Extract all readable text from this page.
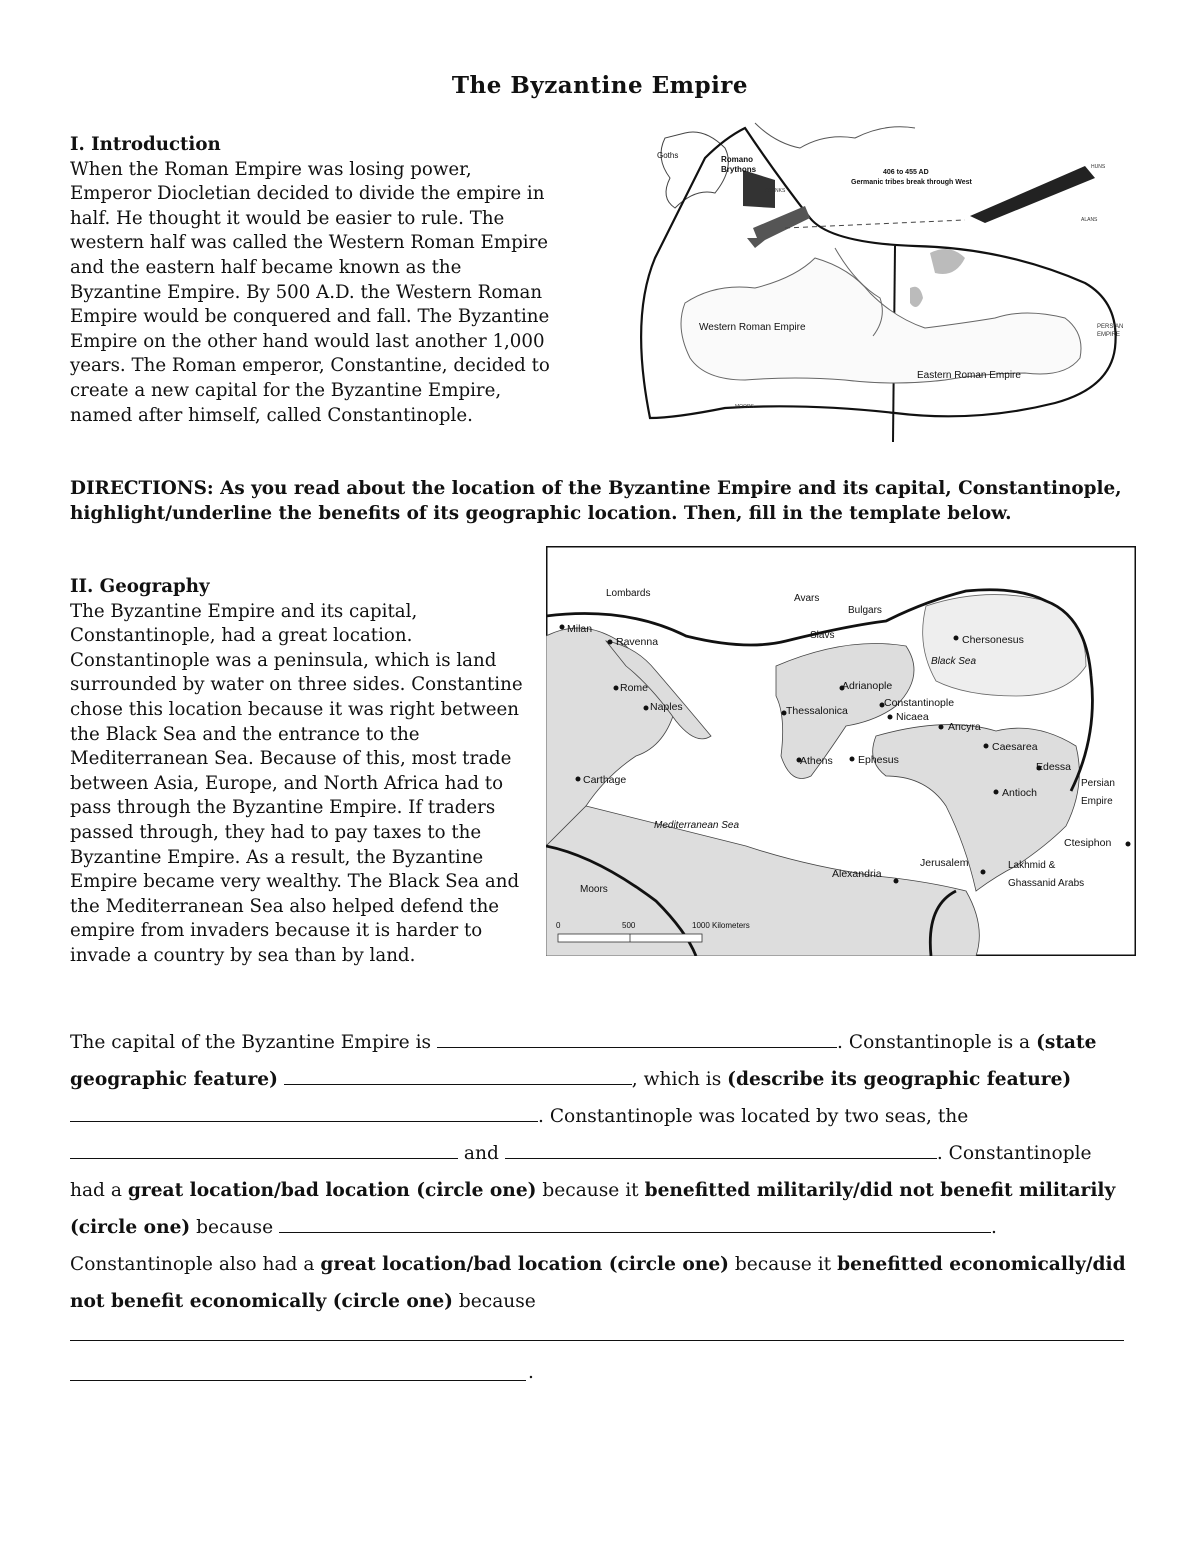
The Byzantine Empire
I. Introduction
When the Roman Empire was losing power, Emperor Diocletian decided to divide the empire in half. He thought it would be easier to rule. The western half was called the Western Roman Empire and the eastern half became known as the Byzantine Empire. By 500 A.D. the Western Roman Empire would be conquered and fall. The Byzantine Empire on the other hand would last another 1,000 years. The Roman emperor, Constantine, decided to create a new capital for the Byzantine Empire, named after himself, called Constantinople.
Goths	Romano
Brythons
FRANKS
406 to 455 AD
Germanic tribes break through West
HUNS
ALANS
Western Roman Empire
Eastern Roman Empire
PERSIAN
EMPIRE
MOORS
DIRECTIONS: As you read about the location of the Byzantine Empire and its capital, Constantinople, highlight/underline the benefits of its geographic location. Then, fill in the template below.
Lombards	Avars
Bulgars
Slavs
Black Sea
Mediterranean Sea
Persian
Empire
Moors
Lakhmid &
Ghassanid Arabs
Milan
Ravenna
Rome
Naples
Carthage
Thessalonica
Adrianople
Constantinople
Nicaea
Ancyra
Caesarea
Edessa
Antioch
Athens Ephesus
Chersonesus
Ctesiphon
Alexandria
Jerusalem
0	500	1000 Kilometers
II. Geography
The Byzantine Empire and its capital, Constantinople, had a great location. Constantinople was a peninsula, which is land surrounded by water on three sides. Constantine chose this location because it was right between the Black Sea and the entrance to the Mediterranean Sea. Because of this, most trade between Asia, Europe, and North Africa had to pass through the Byzantine Empire. If traders passed through, they had to pay taxes to the Byzantine Empire. As a result, the Byzantine Empire became very wealthy. The Black Sea and the Mediterranean Sea also helped defend the empire from invaders because it is harder to invade a country by sea than by land.
The capital of the Byzantine Empire is	. Constantinople is a (state geographic feature)	, which is (describe its geographic feature)
. Constantinople was located by two seas, the
and	. Constantinople had a great location/bad location (circle one) because it benefitted militarily/did not benefit militarily (circle one) because	.
Constantinople also had a great location/bad location (circle one) because it benefitted economically/did not benefit economically (circle one) because
.
